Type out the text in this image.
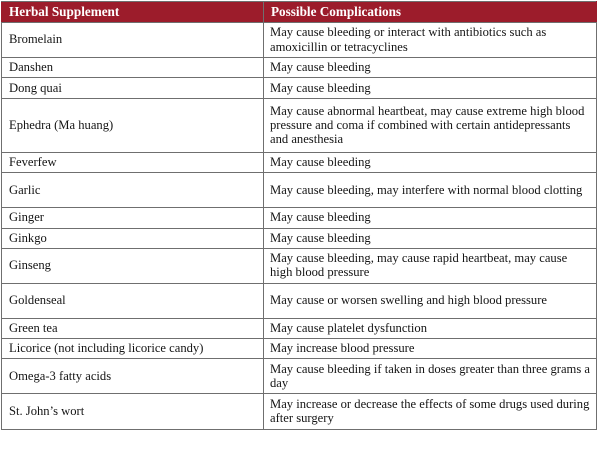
Herbal Supplement	Possible Complications
Bromelain	May cause bleeding or interact with antibiotics such as amoxicillin or tetracyclines
Danshen	May cause bleeding
Dong quai	May cause bleeding
Ephedra (Ma huang)	May cause abnormal heartbeat, may cause extreme high blood pressure and coma if combined with certain antidepressants and anesthesia
Feverfew	May cause bleeding
Garlic	May cause bleeding, may interfere with normal blood clotting
Ginger	May cause bleeding
Ginkgo	May cause bleeding
Ginseng	May cause bleeding, may cause rapid heartbeat, may cause high blood pressure
Goldenseal	May cause or worsen swelling and high blood pressure
Green tea	May cause platelet dysfunction
Licorice (not including licorice candy)	May increase blood pressure
Omega-3 fatty acids	May cause bleeding if taken in doses greater than three grams a day
St. John’s wort	May increase or decrease the effects of some drugs used during after surgery
